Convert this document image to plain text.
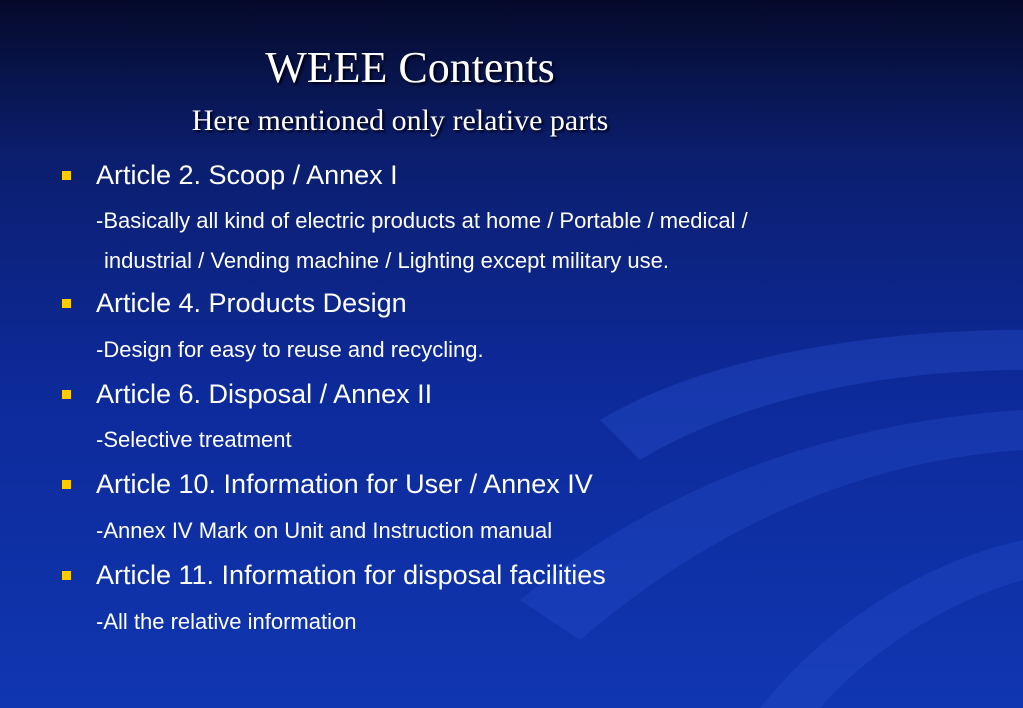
WEEE Contents
Here mentioned only relative parts
Article 2. Scoop / Annex I
-Basically all kind of electric products at home / Portable / medical /
industrial / Vending machine / Lighting except military use.
Article 4. Products Design
-Design for easy to reuse and recycling.
Article 6. Disposal / Annex II
-Selective treatment
Article 10. Information for User / Annex IV
-Annex IV Mark on Unit and Instruction manual
Article 11. Information for disposal facilities
-All the relative information
